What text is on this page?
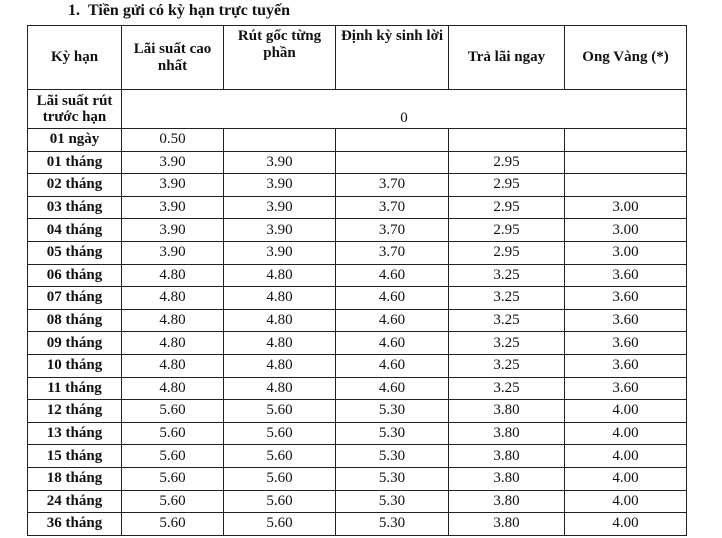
1. Tiền gửi có kỳ hạn trực tuyến
Kỳ hạn	Lãi suất cao nhất	Rút gốc từng phần	Định kỳ sinh lời	Trả lãi ngay	Ong Vàng (*)
Lãi suất rút trước hạn	0				
01 ngày	0.50				
01 tháng	3.90	3.90		2.95	
02 tháng	3.90	3.90	3.70	2.95	
03 tháng	3.90	3.90	3.70	2.95	3.00
04 tháng	3.90	3.90	3.70	2.95	3.00
05 tháng	3.90	3.90	3.70	2.95	3.00
06 tháng	4.80	4.80	4.60	3.25	3.60
07 tháng	4.80	4.80	4.60	3.25	3.60
08 tháng	4.80	4.80	4.60	3.25	3.60
09 tháng	4.80	4.80	4.60	3.25	3.60
10 tháng	4.80	4.80	4.60	3.25	3.60
11 tháng	4.80	4.80	4.60	3.25	3.60
12 tháng	5.60	5.60	5.30	3.80	4.00
13 tháng	5.60	5.60	5.30	3.80	4.00
15 tháng	5.60	5.60	5.30	3.80	4.00
18 tháng	5.60	5.60	5.30	3.80	4.00
24 tháng	5.60	5.60	5.30	3.80	4.00
36 tháng	5.60	5.60	5.30	3.80	4.00
